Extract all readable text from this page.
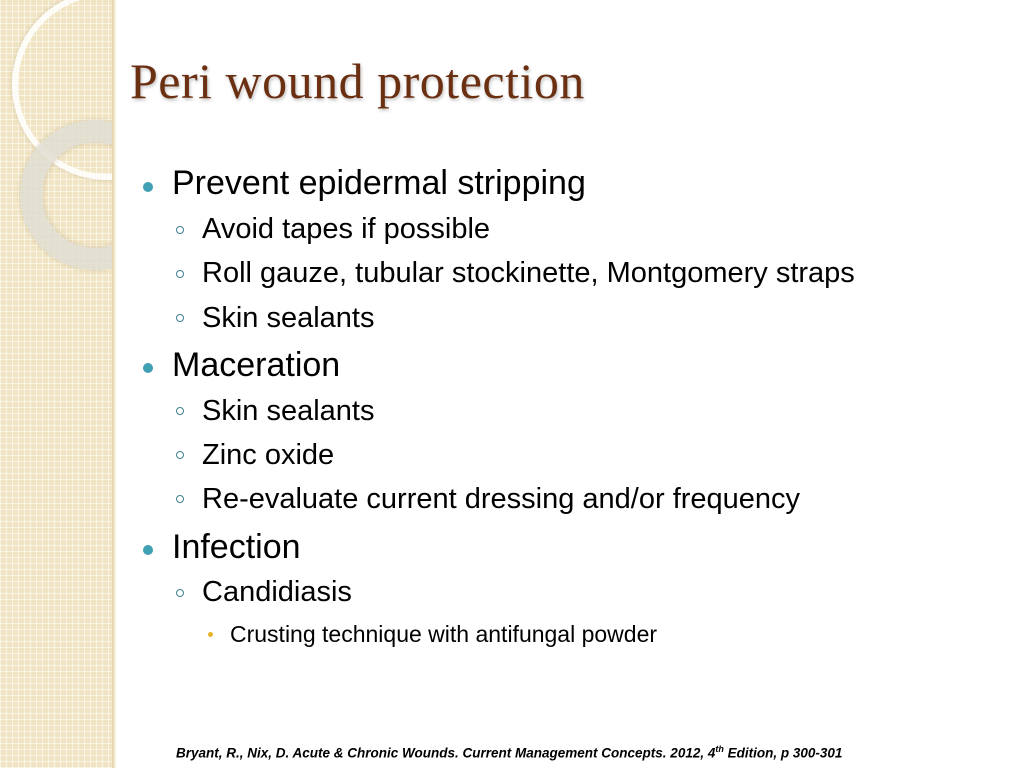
Peri wound protection
Prevent epidermal stripping
Avoid tapes if possible
Roll gauze, tubular stockinette, Montgomery straps
Skin sealants
Maceration
Skin sealants
Zinc oxide
Re-evaluate current dressing and/or frequency
Infection
Candidiasis
Crusting technique with antifungal powder
Bryant, R., Nix, D. Acute & Chronic Wounds. Current Management Concepts. 2012, 4th Edition, p 300-301
